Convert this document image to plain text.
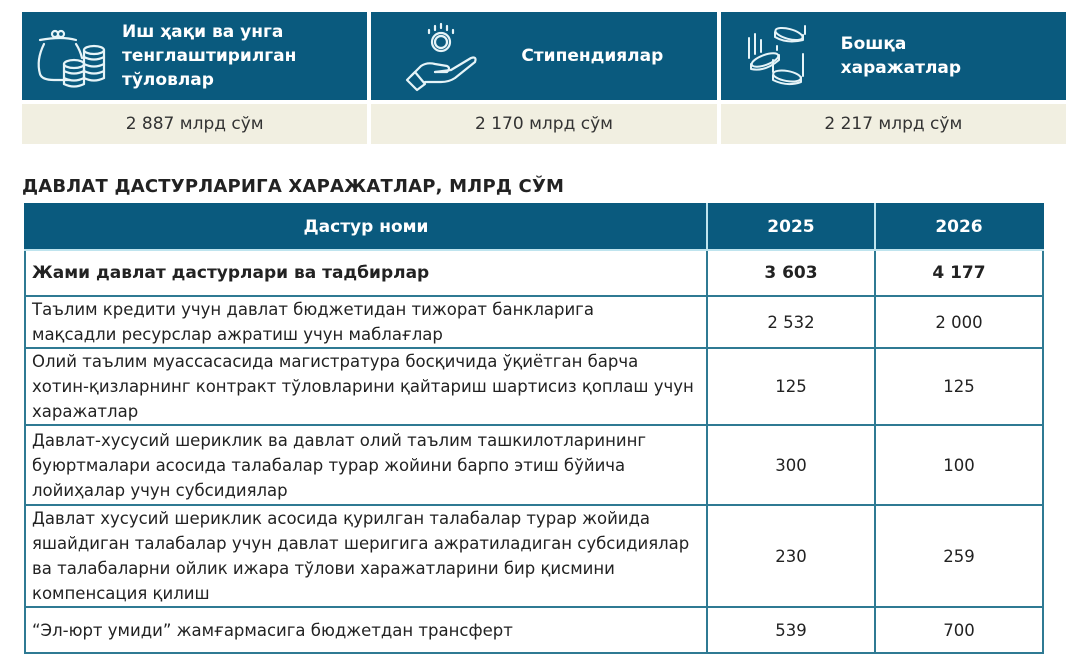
Иш ҳақи ва унга
тенглаштирилган
тўловлар
2 887 млрд сўм
Стипендиялар
2 170 млрд сўм
Бошқа
харажатлар
2 217 млрд сўм
ДАВЛАТ ДАСТУРЛАРИГА ХАРАЖАТЛАР, МЛРД СЎМ
Дастур номи	2025	2026
Жами давлат дастурлари ва тадбирлар	3 603	4 177
Таълим кредити учун давлат бюджетидан тижорат банкларига мақсадли ресурслар ажратиш учун маблағлар	2 532	2 000
Олий таълим муассасасида магистратура босқичида ўқиётган барча хотин-қизларнинг контракт тўловларини қайтариш шартисиз қоплаш учун харажатлар	125	125
Давлат-хусусий шериклик ва давлат олий таълим ташкилотларининг буюртмалари асосида талабалар турар жойини барпо этиш бўйича лойиҳалар учун субсидиялар	300	100
Давлат хусусий шериклик асосида қурилган талабалар турар жойида яшайдиган талабалар учун давлат шеригига ажратиладиган субсидиялар ва талабаларни ойлик ижара тўлови харажатларини бир қисмини компенсация қилиш	230	259
“Эл-юрт умиди” жамғармасига бюджетдан трансферт	539	700
